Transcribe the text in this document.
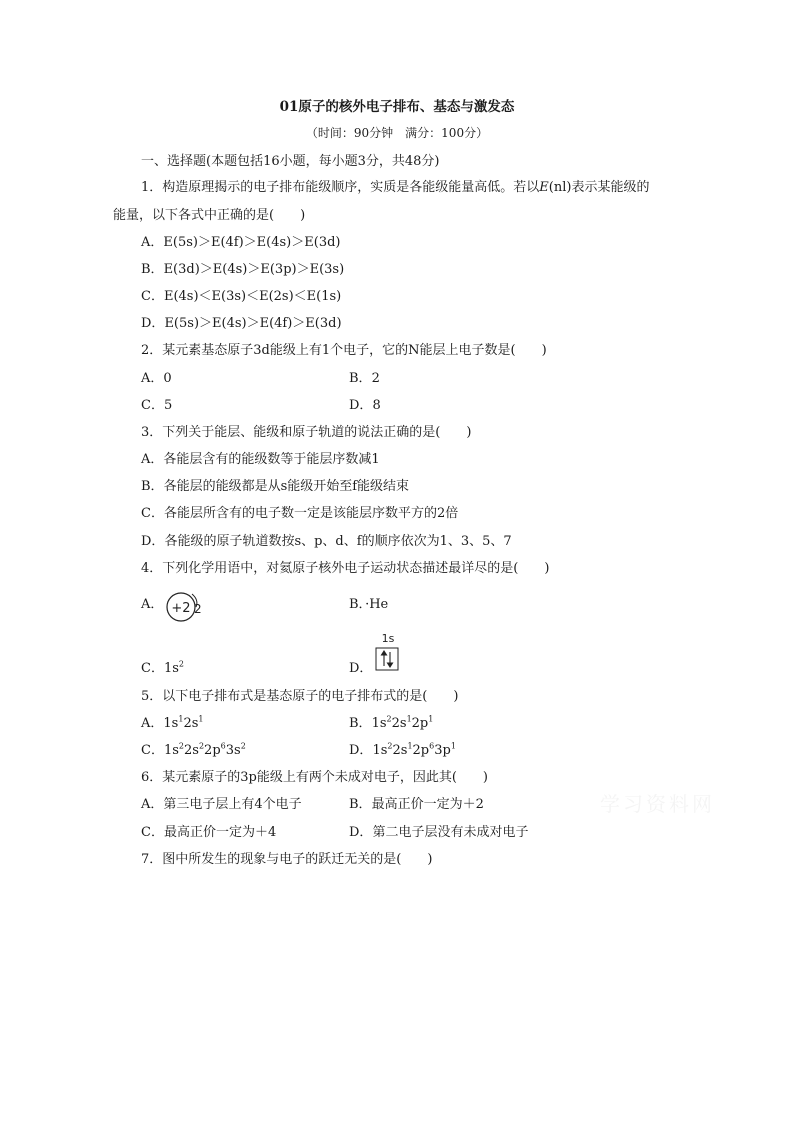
01原子的核外电子排布、基态与激发态
（时间：90分钟　满分：100分）
一、选择题(本题包括16小题，每小题3分，共48分)
1．构造原理揭示的电子排布能级顺序，实质是各能级能量高低。若以E(nl)表示某能级的
能量，以下各式中正确的是(　　)
A．E(5s)＞E(4f)＞E(4s)＞E(3d)
B．E(3d)＞E(4s)＞E(3p)＞E(3s)
C．E(4s)＜E(3s)＜E(2s)＜E(1s)
D．E(5s)＞E(4s)＞E(4f)＞E(3d)
2．某元素基态原子3d能级上有1个电子，它的N能层上电子数是(　　)
A．0	B．2
C．5	D．8
3．下列关于能层、能级和原子轨道的说法正确的是(　　)
A．各能层含有的能级数等于能层序数减1
B．各能层的能级都是从s能级开始至f能级结束
C．各能层所含有的电子数一定是该能层序数平方的2倍
D．各能级的原子轨道数按s、p、d、f的顺序依次为1、3、5、7
4．下列化学用语中，对氦原子核外电子运动状态描述最详尽的是(　　)
A． +2 2	B．·He
C．$1s^2$	D．
1s
5．以下电子排布式是基态原子的电子排布式的是(　　)
A．$1s^12s^1$	B．$1s^22s^12p^1$
C．$1s^22s^22p^63s^2$	D．$1s^22s^12p^63p^1$
6．某元素原子的3p能级上有两个未成对电子，因此其(　　)
A．第三电子层上有4个电子	B．最高正价一定为＋2
C．最高正价一定为＋4	D．第二电子层没有未成对电子
7．图中所发生的现象与电子的跃迁无关的是(　　)
学习资料网
